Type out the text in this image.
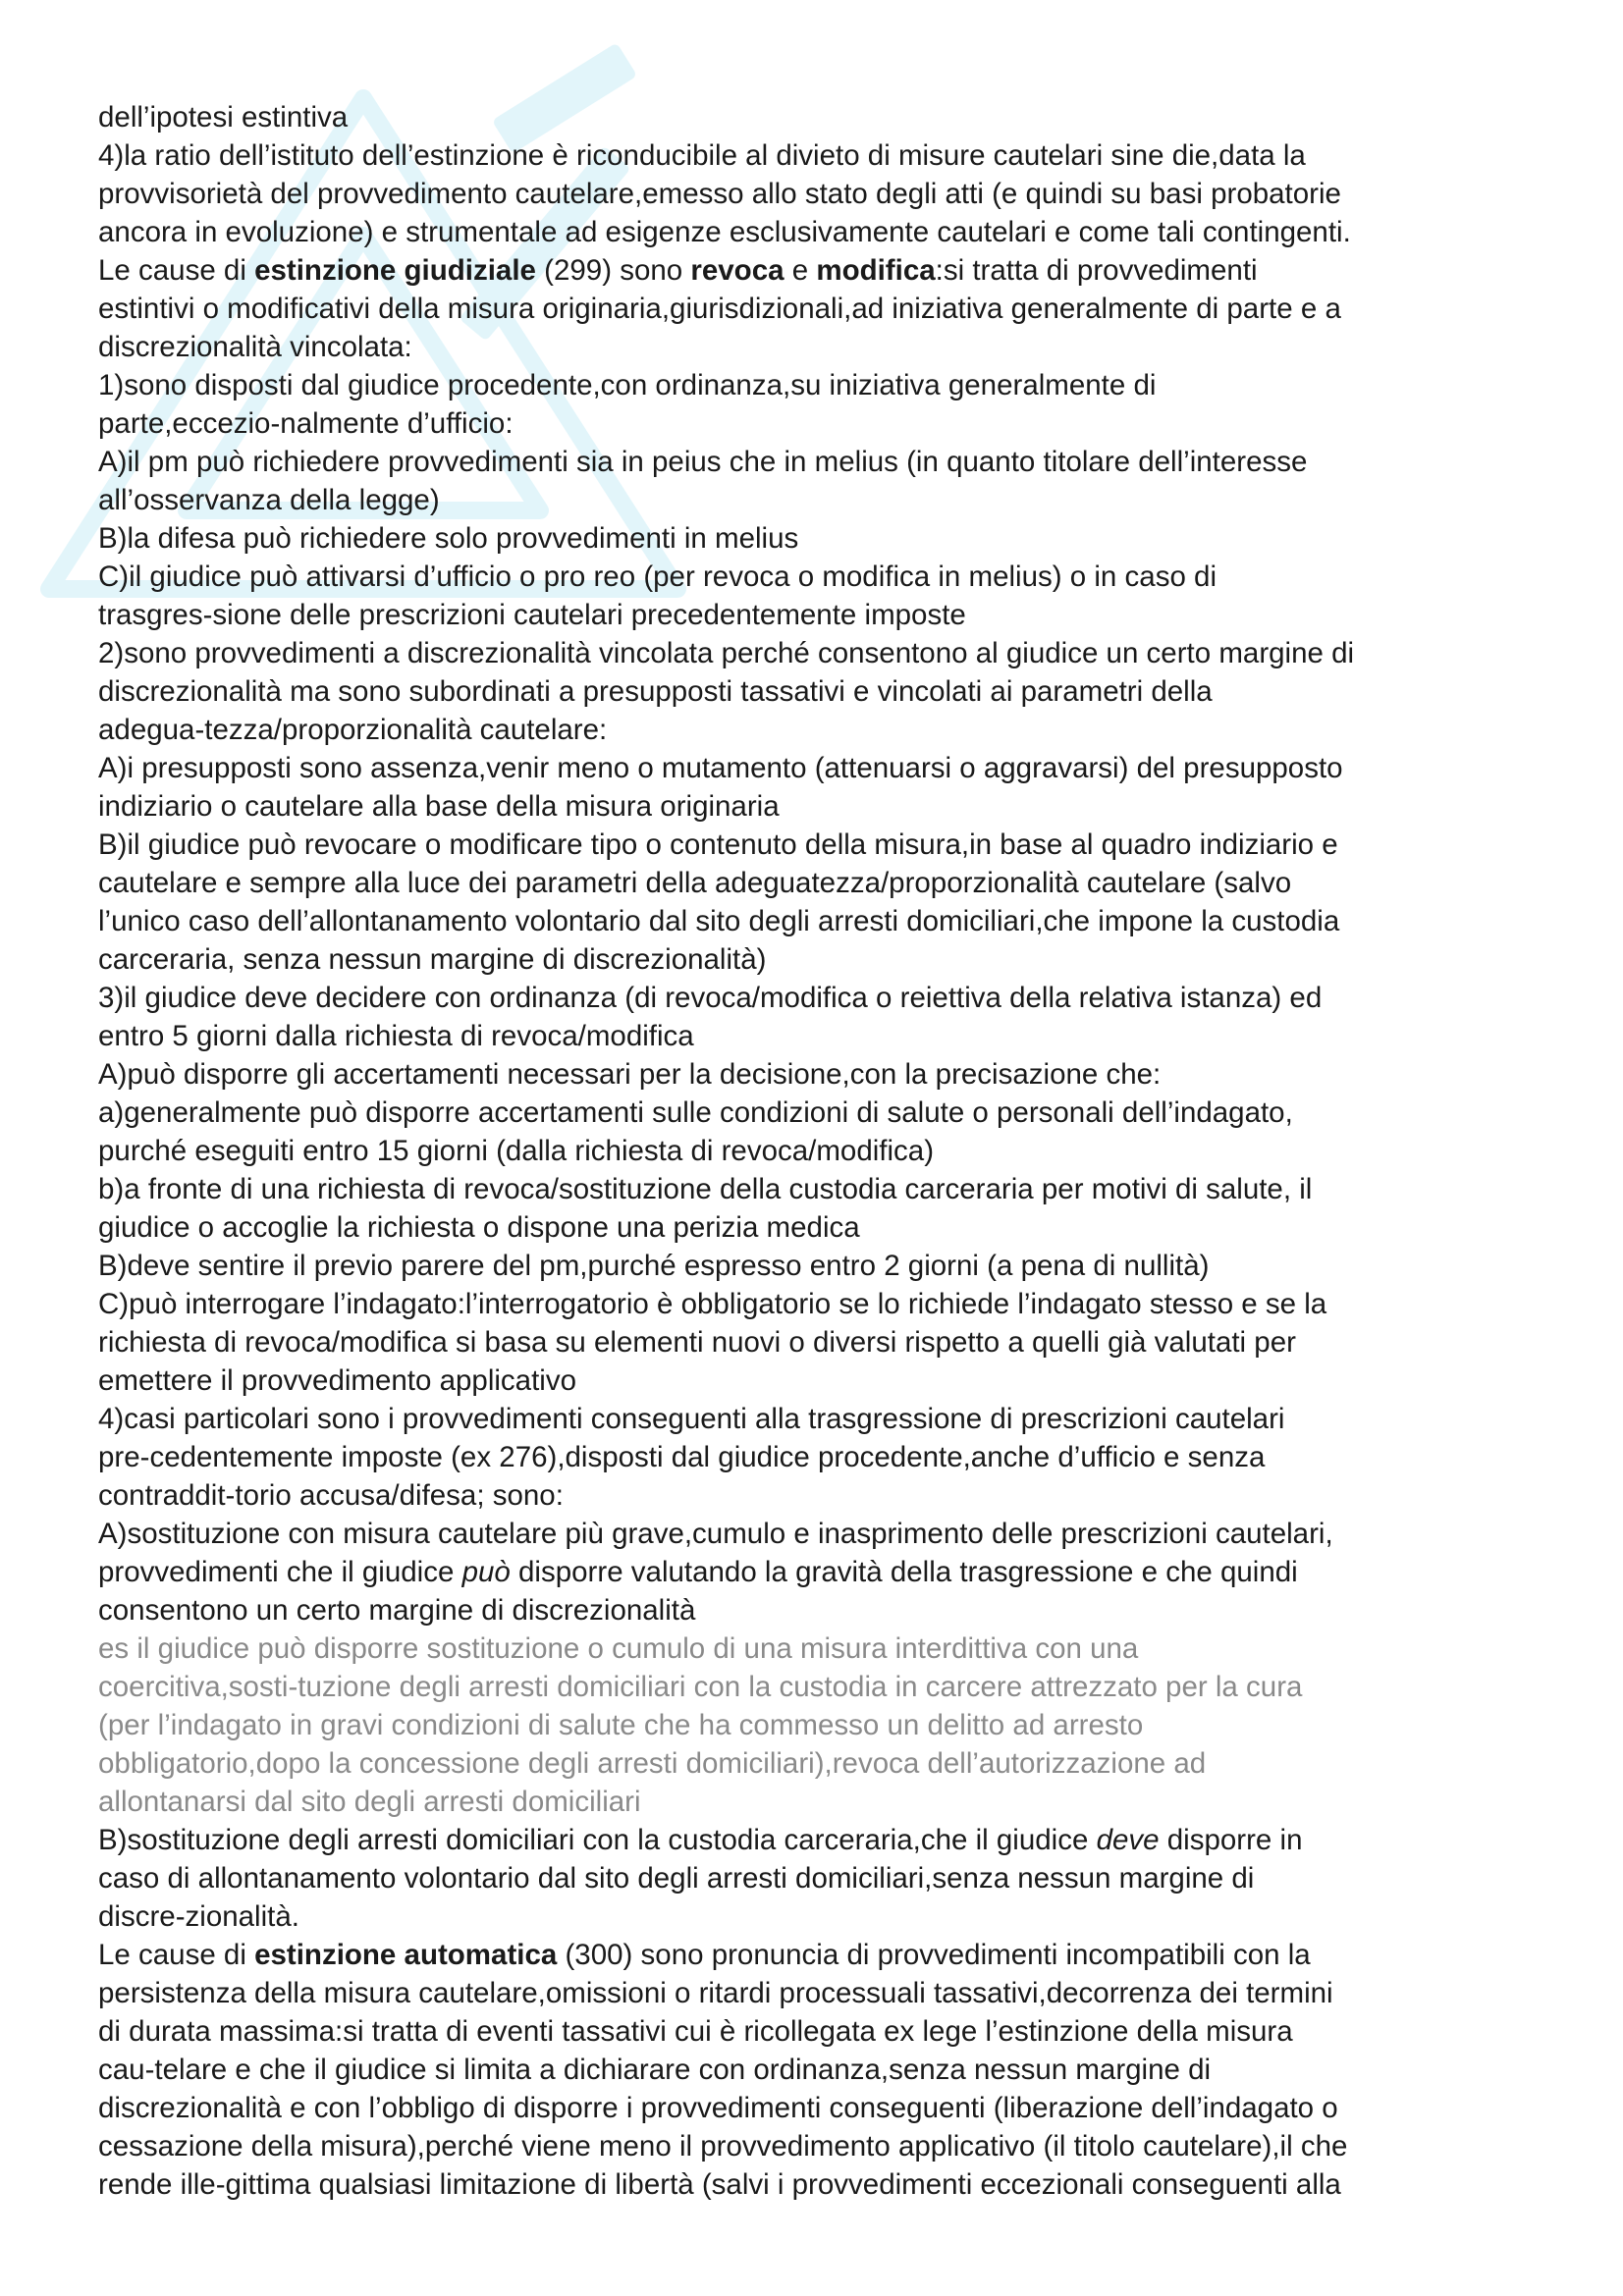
dell’ipotesi estintiva
4)la ratio dell’istituto dell’estinzione è riconducibile al divieto di misure cautelari sine die,data la
provvisorietà del provvedimento cautelare,emesso allo stato degli atti (e quindi su basi probatorie
ancora in evoluzione) e strumentale ad esigenze esclusivamente cautelari e come tali contingenti.
Le cause di estinzione giudiziale (299) sono revoca e modifica:si tratta di provvedimenti
estintivi o modificativi della misura originaria,giurisdizionali,ad iniziativa generalmente di parte e a
discrezionalità vincolata:
1)sono disposti dal giudice procedente,con ordinanza,su iniziativa generalmente di
parte,eccezio-nalmente d’ufficio:
A)il pm può richiedere provvedimenti sia in peius che in melius (in quanto titolare dell’interesse
all’osservanza della legge)
B)la difesa può richiedere solo provvedimenti in melius
C)il giudice può attivarsi d’ufficio o pro reo (per revoca o modifica in melius) o in caso di
trasgres-sione delle prescrizioni cautelari precedentemente imposte
2)sono provvedimenti a discrezionalità vincolata perché consentono al giudice un certo margine di
discrezionalità ma sono subordinati a presupposti tassativi e vincolati ai parametri della
adegua-tezza/proporzionalità cautelare:
A)i presupposti sono assenza,venir meno o mutamento (attenuarsi o aggravarsi) del presupposto
indiziario o cautelare alla base della misura originaria
B)il giudice può revocare o modificare tipo o contenuto della misura,in base al quadro indiziario e
cautelare e sempre alla luce dei parametri della adeguatezza/proporzionalità cautelare (salvo
l’unico caso dell’allontanamento volontario dal sito degli arresti domiciliari,che impone la custodia
carceraria, senza nessun margine di discrezionalità)
3)il giudice deve decidere con ordinanza (di revoca/modifica o reiettiva della relativa istanza) ed
entro 5 giorni dalla richiesta di revoca/modifica
A)può disporre gli accertamenti necessari per la decisione,con la precisazione che:
a)generalmente può disporre accertamenti sulle condizioni di salute o personali dell’indagato,
purché eseguiti entro 15 giorni (dalla richiesta di revoca/modifica)
b)a fronte di una richiesta di revoca/sostituzione della custodia carceraria per motivi di salute, il
giudice o accoglie la richiesta o dispone una perizia medica
B)deve sentire il previo parere del pm,purché espresso entro 2 giorni (a pena di nullità)
C)può interrogare l’indagato:l’interrogatorio è obbligatorio se lo richiede l’indagato stesso e se la
richiesta di revoca/modifica si basa su elementi nuovi o diversi rispetto a quelli già valutati per
emettere il provvedimento applicativo
4)casi particolari sono i provvedimenti conseguenti alla trasgressione di prescrizioni cautelari
pre-cedentemente imposte (ex 276),disposti dal giudice procedente,anche d’ufficio e senza
contraddit-torio accusa/difesa; sono:
A)sostituzione con misura cautelare più grave,cumulo e inasprimento delle prescrizioni cautelari,
provvedimenti che il giudice può disporre valutando la gravità della trasgressione e che quindi
consentono un certo margine di discrezionalità
es il giudice può disporre sostituzione o cumulo di una misura interdittiva con una
coercitiva,sosti-tuzione degli arresti domiciliari con la custodia in carcere attrezzato per la cura
(per l’indagato in gravi condizioni di salute che ha commesso un delitto ad arresto
obbligatorio,dopo la concessione degli arresti domiciliari),revoca dell’autorizzazione ad
allontanarsi dal sito degli arresti domiciliari
B)sostituzione degli arresti domiciliari con la custodia carceraria,che il giudice deve disporre in
caso di allontanamento volontario dal sito degli arresti domiciliari,senza nessun margine di
discre-zionalità.
Le cause di estinzione automatica (300) sono pronuncia di provvedimenti incompatibili con la
persistenza della misura cautelare,omissioni o ritardi processuali tassativi,decorrenza dei termini
di durata massima:si tratta di eventi tassativi cui è ricollegata ex lege l’estinzione della misura
cau-telare e che il giudice si limita a dichiarare con ordinanza,senza nessun margine di
discrezionalità e con l’obbligo di disporre i provvedimenti conseguenti (liberazione dell’indagato o
cessazione della misura),perché viene meno il provvedimento applicativo (il titolo cautelare),il che
rende ille-gittima qualsiasi limitazione di libertà (salvi i provvedimenti eccezionali conseguenti alla
